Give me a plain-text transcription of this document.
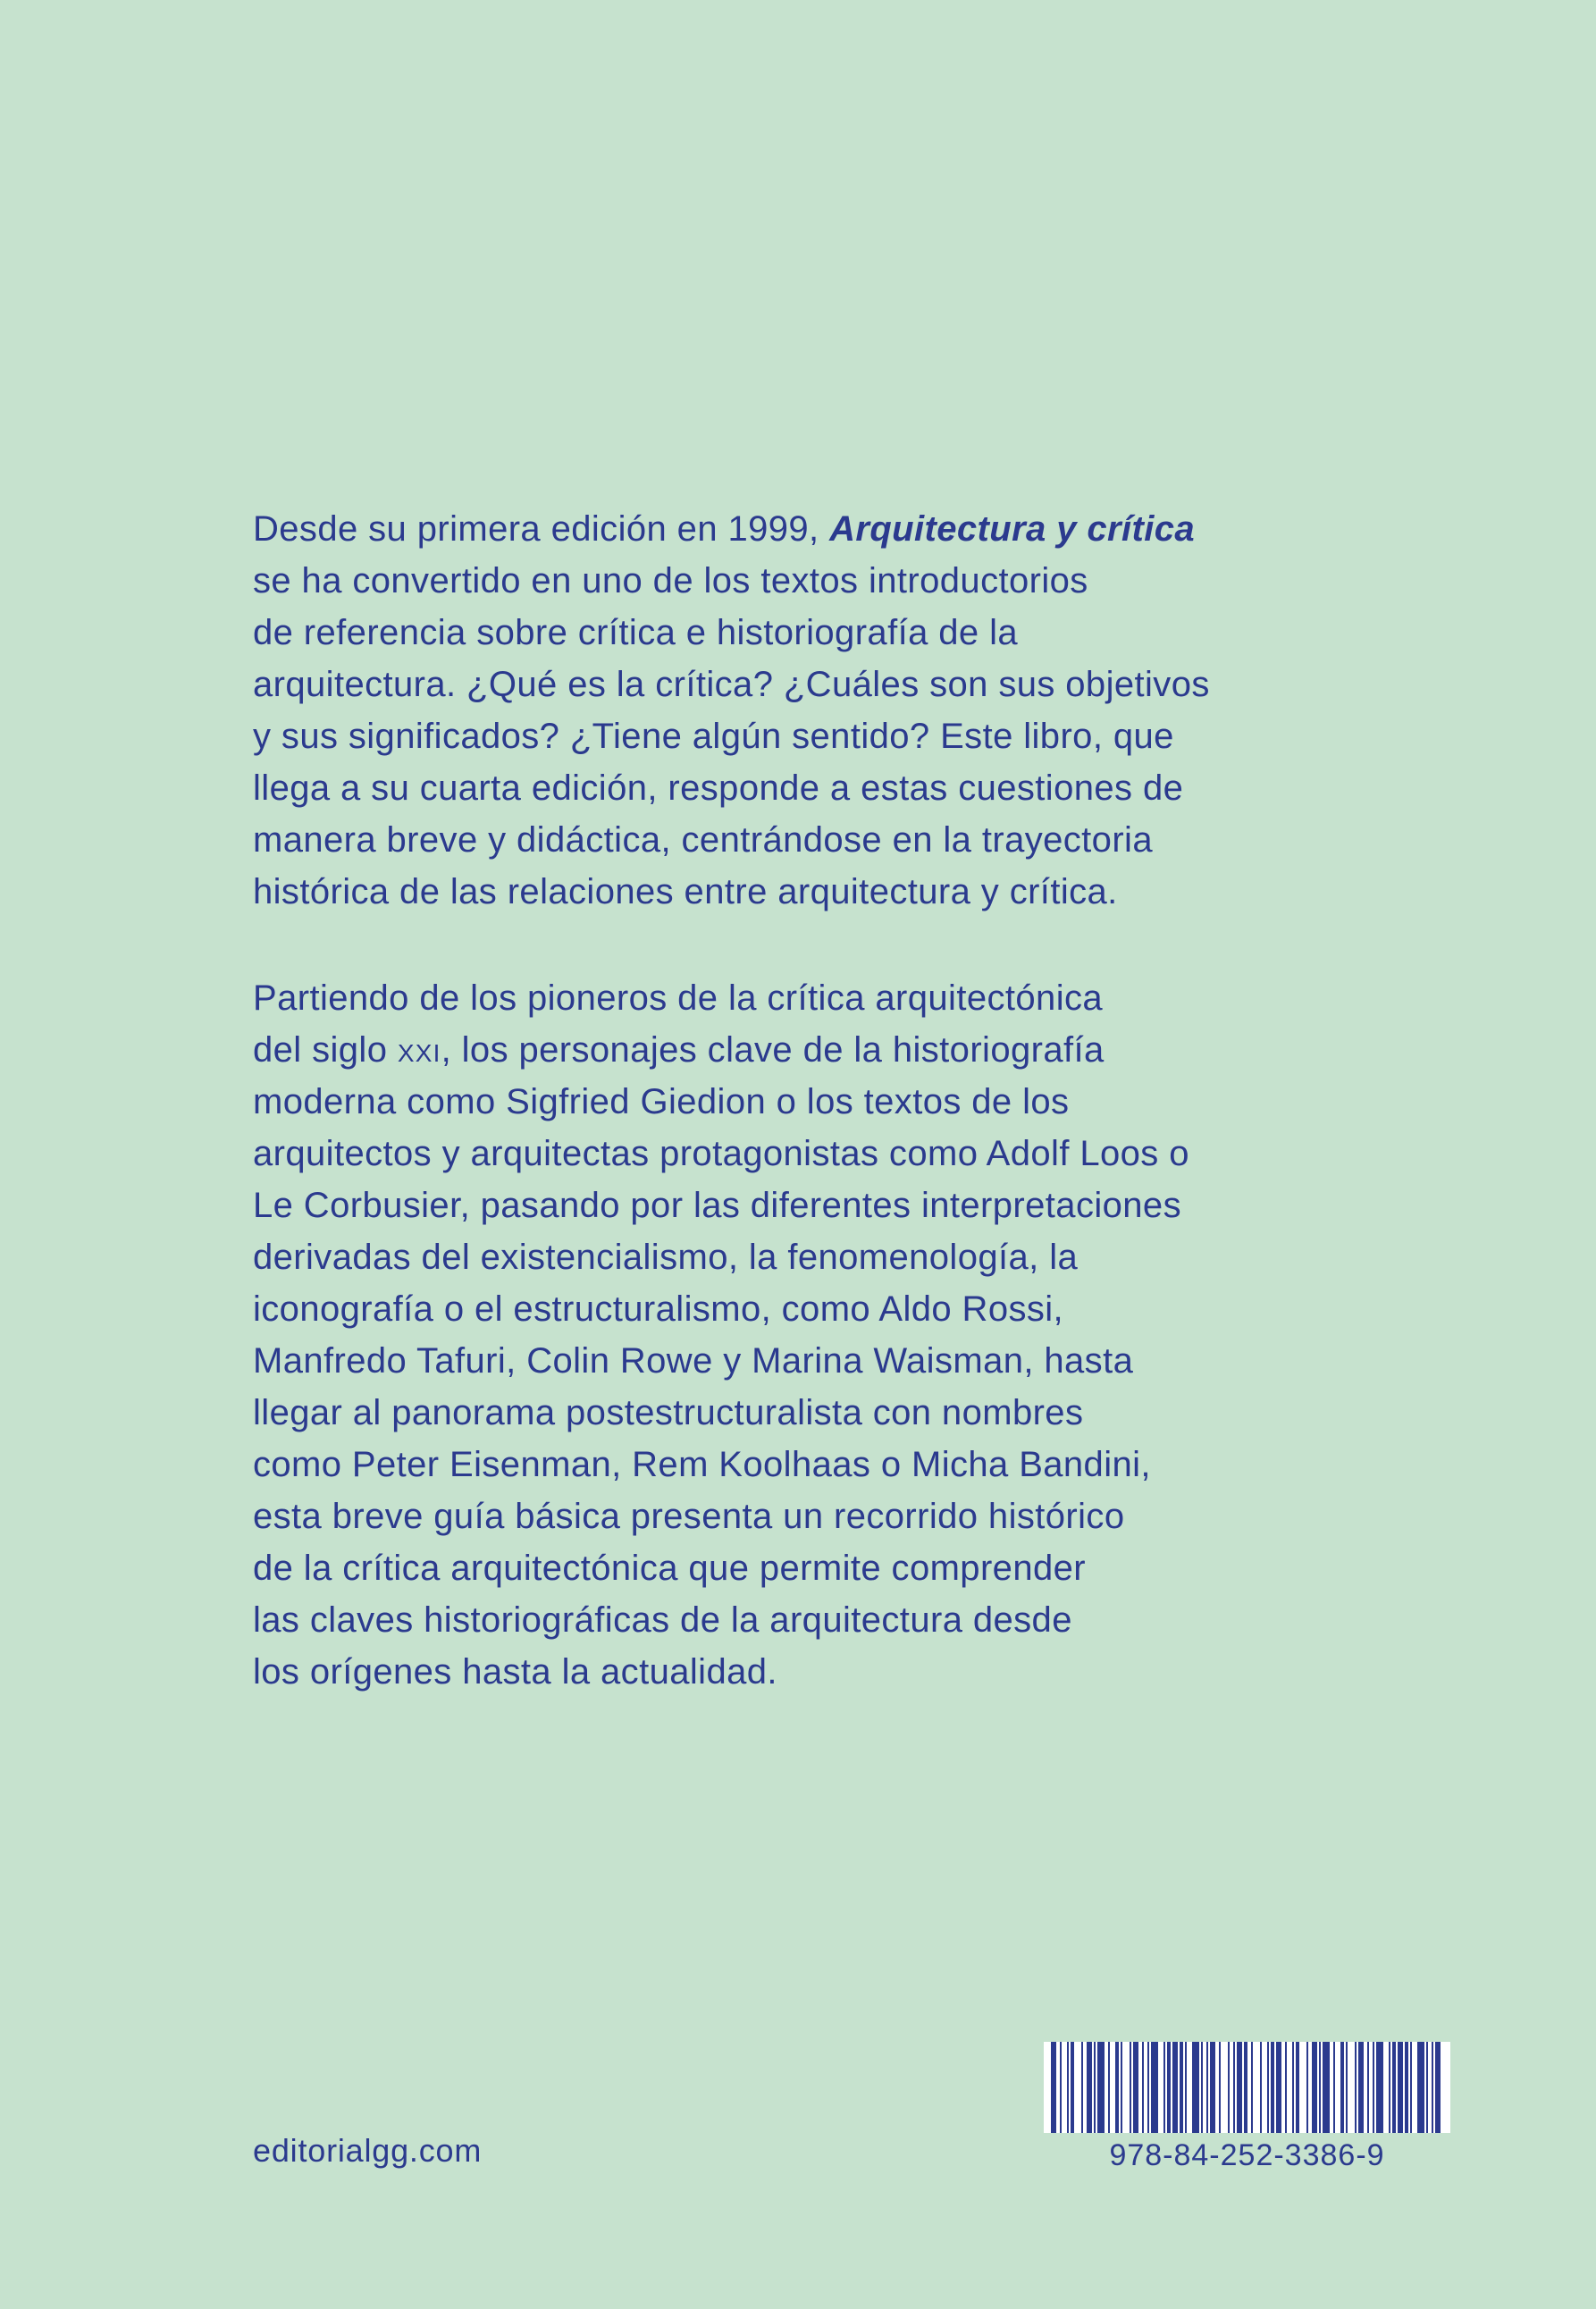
Desde su primera edición en 1999, Arquitectura y crítica
se ha convertido en uno de los textos introductorios
de referencia sobre crítica e historiografía de la
arquitectura. ¿Qué es la crítica? ¿Cuáles son sus objetivos
y sus significados? ¿Tiene algún sentido? Este libro, que
llega a su cuarta edición, responde a estas cuestiones de
manera breve y didáctica, centrándose en la trayectoria
histórica de las relaciones entre arquitectura y crítica.

Partiendo de los pioneros de la crítica arquitectónica
del siglo xxi, los personajes clave de la historiografía
moderna como Sigfried Giedion o los textos de los
arquitectos y arquitectas protagonistas como Adolf Loos o
Le Corbusier, pasando por las diferentes interpretaciones
derivadas del existencialismo, la fenomenología, la
iconografía o el estructuralismo, como Aldo Rossi,
Manfredo Tafuri, Colin Rowe y Marina Waisman, hasta
llegar al panorama postestructuralista con nombres
como Peter Eisenman, Rem Koolhaas o Micha Bandini,
esta breve guía básica presenta un recorrido histórico
de la crítica arquitectónica que permite comprender
las claves historiográficas de la arquitectura desde
los orígenes hasta la actualidad.

editorialgg.com	978-84-252-3386-9
